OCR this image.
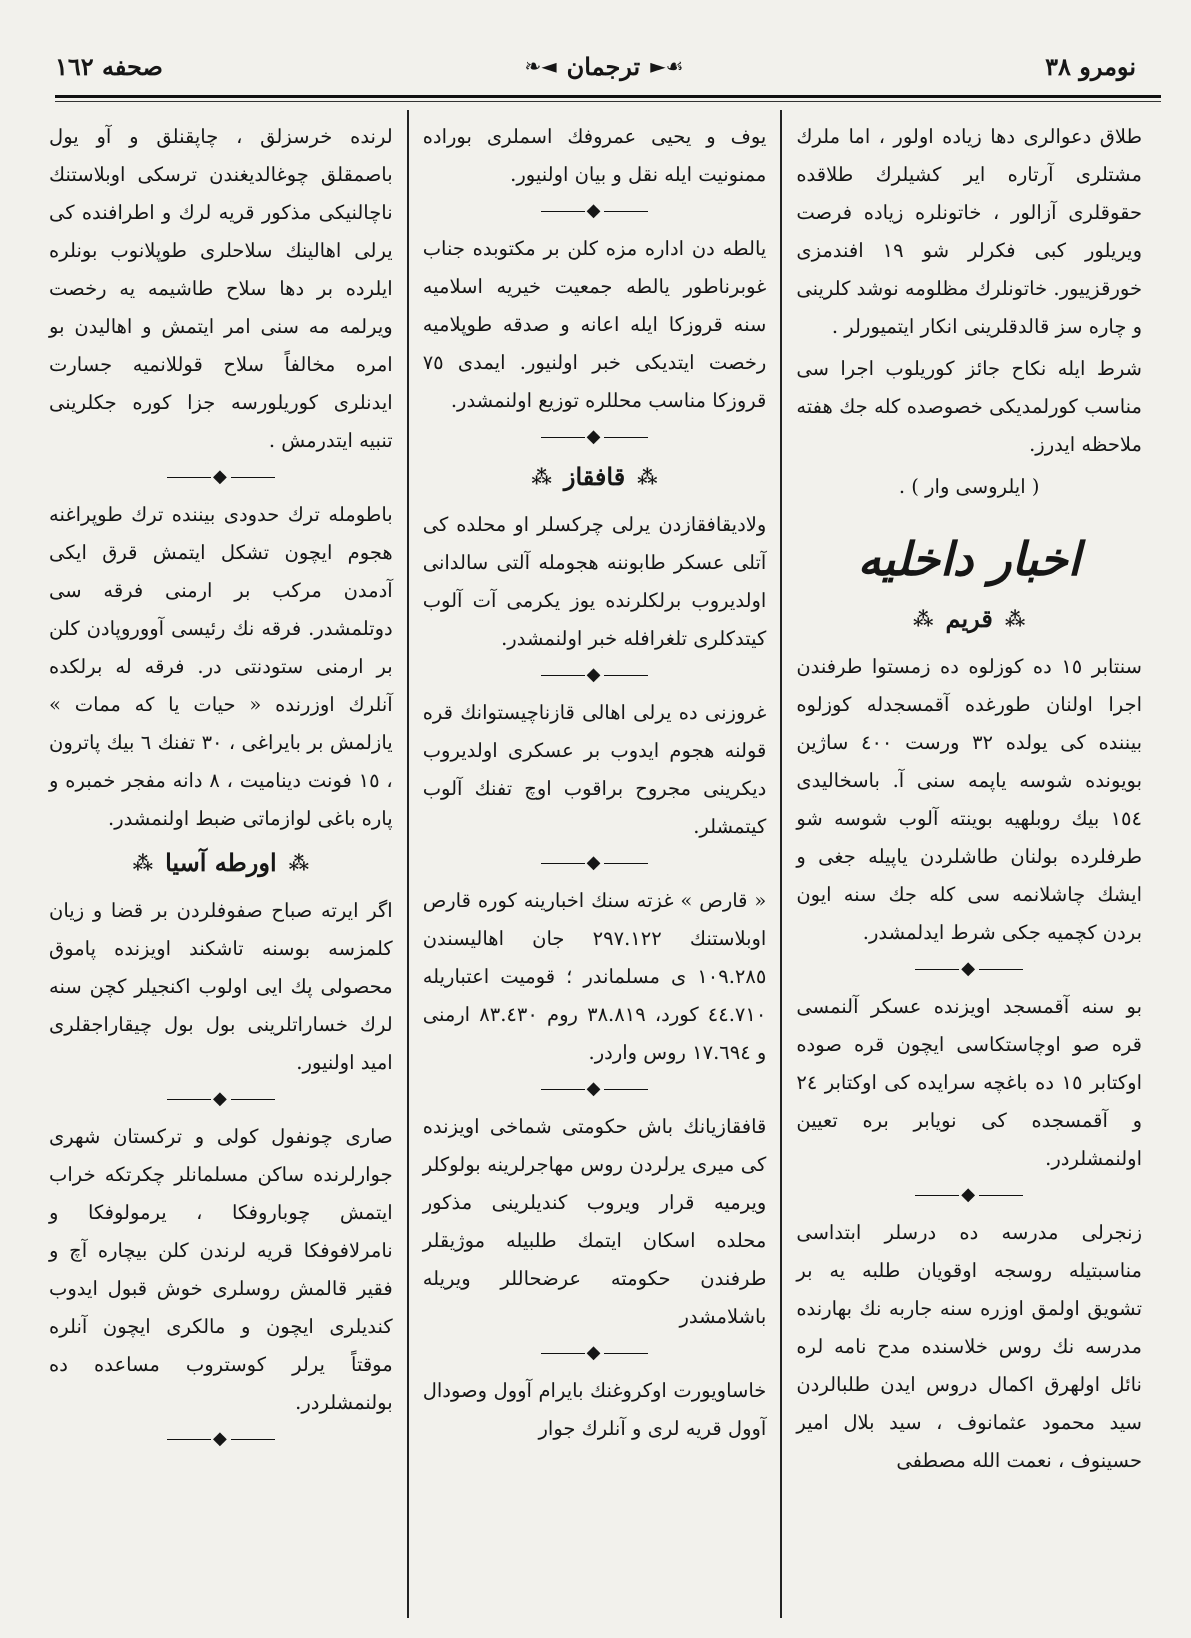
نومرو ٣٨
☙►
ترجمان
◄❧
صحفه ١٦٢

طلاق دعوالری دها زیاده اولور ، اما ملرك مشتلری آرتاره ایر كشیلرك طلاقده حقوقلری آزالور ، خاتونلره زیاده فرصت ویریلور كبی فكرلر شو ١٩ افندمزی خورقزییور. خاتونلرك مظلومه نوشد كلرینی و چاره سز قالدقلرینی انكار ایتمیورلر .

شرط ایله نكاح جائز كوریلوب اجرا سی مناسب كورلمدیكی خصوصده كله جك هفته ملاحظه ایدرز.

( ایلروسی وار ) .

اخبار داخلیه
⁂
قریم
⁂

سنتابر ١٥ ده كوزلوه ده زمستوا طرفندن اجرا اولنان طورغده آقمسجدله كوزلوه بیننده كی یولده ٣٢ ورست ٤٠٠ ساژین بویونده شوسه یاپمه سنی آ. باسخالیدی ١٥٤ بیك روبلهیه بوینته آلوب شوسه شو طرفلرده بولنان طاشلردن یاپیله جغی و ایشك چاشلانمه سی كله جك سنه ایون بردن كچمیه جكی شرط ایدلمشدر.

◆

بو سنه آقمسجد اویزنده عسكر آلنمسی قره صو اوچاستكاسی ایچون قره صوده اوكتابر ١٥ ده باغچه سرایده كی اوكتابر ٢٤ و آقمسجده كی نویابر بره تعیین اولنمشلردر.

◆

زنجرلی مدرسه ده درسلر ابتداسی مناسبتیله روسجه اوقویان طلبه یه بر تشویق اولمق اوزره سنه جاربه نك بهارنده مدرسه نك روس خلاسنده مدح نامه لره نائل اولهرق اكمال دروس ایدن طلبالردن سید محمود عثمانوف ، سید بلال امیر حسینوف ، نعمت الله مصطفی

یوف و یحیی عمروفك اسملری بوراده ممنونیت ایله نقل و بیان اولنیور.

◆

یالطه دن اداره مزه كلن بر مكتوبده جناب غوبرناطور یالطه جمعیت خیریه اسلامیه سنه قروزكا ایله اعانه و صدقه طوپلامیه رخصت ایتدیكی خبر اولنیور. ایمدی ٧٥ قروزكا مناسب محللره توزیع اولنمشدر.

◆
⁂
قافقاز
⁂

ولادیقافقازدن یرلی چرکسلر او محلده كی آتلی عسكر طابوننه هجومله آلتی سالدانی اولدیروب برلكلرنده یوز یكرمی آت آلوب كیتدكلری تلغرافله خبر اولنمشدر.

◆

غروزنی ده یرلی اهالی قازناچیستوانك قره قولنه هجوم ایدوب بر عسكری اولدیروب دیكرینی مجروح براقوب اوچ تفنك آلوب كیتمشلر.

◆

« قارص » غزته سنك اخبارینه كوره قارص اوبلاستنك ٢٩٧.١٢٢ جان اهالیسندن ١٠٩.٢٨٥ ی مسلماندر ؛ قومیت اعتباریله ٤٤.٧١٠ كورد، ٣٨.٨١٩ روم ٨٣.٤٣٠ ارمنی و ١٧.٦٩٤ روس واردر.

◆

قافقازیانك باش حكومتی شماخی اویزنده كی میری یرلردن روس مهاجرلرینه بولوكلر ویرمیه قرار ویروب كندیلرینی مذكور محلده اسكان ایتمك طلبیله موژیقلر طرفندن حكومته عرضحاللر ویریله باشلامشدر

◆

خاساویورت اوكروغنك بایرام آوول وصودال آوول قریه لری و آنلرك جوار

لرنده خرسزلق ، چاپقنلق و آو یول باصمقلق چوغالدیغندن ترسكی اوبلاستنك ناچالنیكی مذكور قریه لرك و اطرافنده كی یرلی اهالینك سلاحلری طوپلانوب بونلره ایلرده بر دها سلاح طاشیمه یه رخصت ویرلمه مه سنی امر ایتمش و اهالیدن بو امره مخالفاً سلاح قوللانمیه جسارت ایدنلری كوریلورسه جزا كوره جكلرینی تنبیه ایتدرمش .

◆

باطومله ترك حدودی بیننده ترك طوپراغنه هجوم ایچون تشكل ایتمش قرق ایكی آدمدن مركب بر ارمنی فرقه سی دوتلمشدر. فرقه نك رئیسی آووروپادن كلن بر ارمنی ستودنتی در. فرقه له برلكده آنلرك اوزرنده « حیات یا كه ممات » یازلمش بر بایراغی ، ٣٠ تفنك ٦ بیك پاترون ، ١٥ فونت دینامیت ، ٨ دانه مفجر خمبره و پاره باغی لوازماتی ضبط اولنمشدر.

⁂
اورطه آسیا
⁂

اگر ایرته صباح صفوفلردن بر قضا و زیان كلمزسه بوسنه تاشكند اویزنده پاموق محصولی پك ایی اولوب اكنجیلر كچن سنه لرك خساراتلرینی بول بول چیقاراجقلری امید اولنیور.

◆

صاری چونفول كولی و تركستان شهری جوارلرنده ساكن مسلمانلر چكرتكه خراب ایتمش چوباروفكا ، یرمولوفكا و نامرلافوفكا قریه لرندن كلن بیچاره آچ و فقیر قالمش روسلری خوش قبول ایدوب كندیلری ایچون و مالكری ایچون آنلره موقتاً یرلر كوستروب مساعده ده بولنمشلردر.

◆
